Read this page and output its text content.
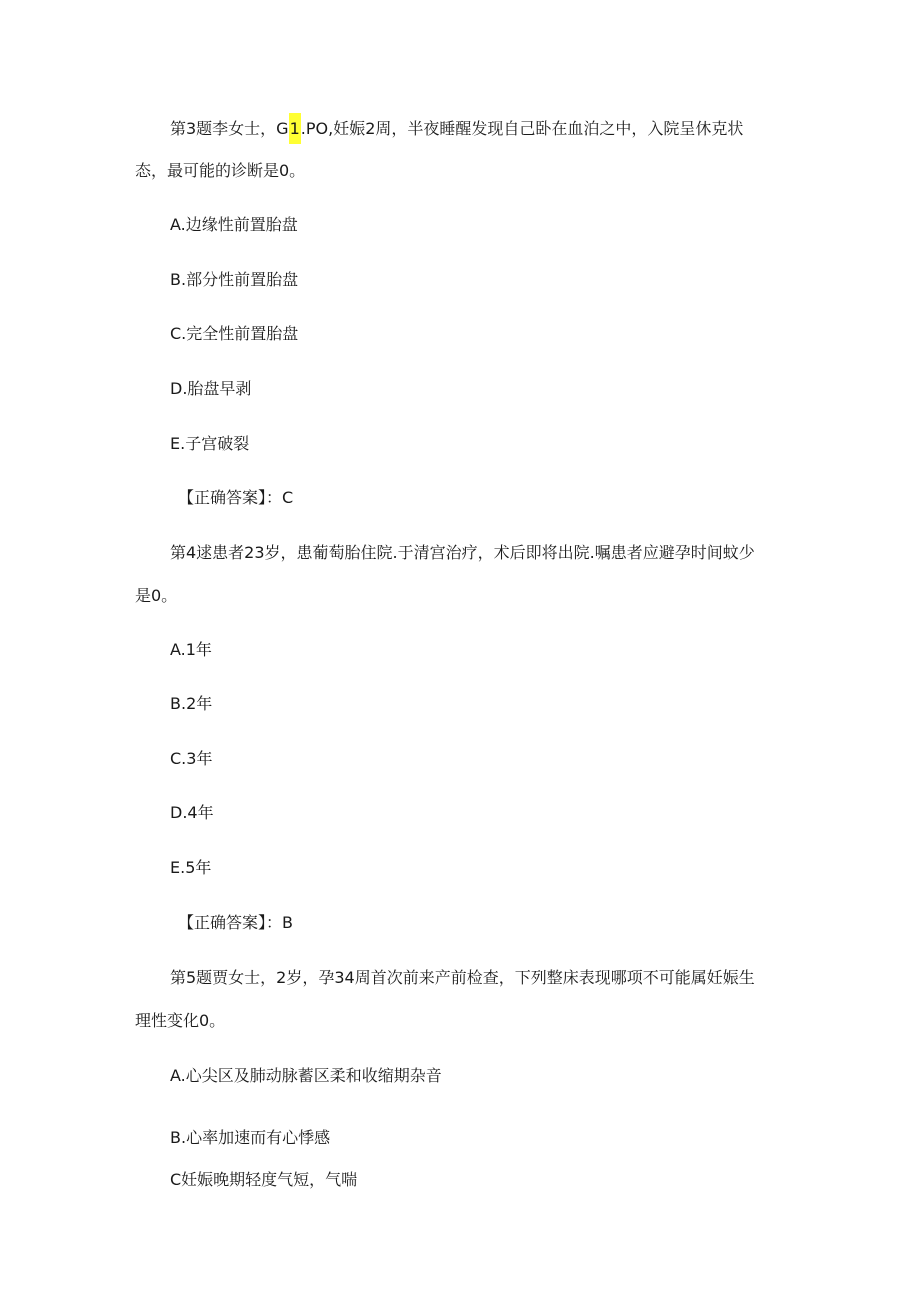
第3题李女士，G1.PO,妊娠2周，半夜睡醒发现自己卧在血泊之中，入院呈休克状
态，最可能的诊断是0。
A.边缘性前置胎盘
B.部分性前置胎盘
C.完全性前置胎盘
D.胎盘早剥
E.子宫破裂
【正确答案】：C
第4逑患者23岁，患葡萄胎住院.于清宫治疗，术后即将出院.嘱患者应避孕时间蚊少
是0。
A.1年
B.2年
C.3年
D.4年
E.5年
【正确答案】：B
第5题贾女士，2岁，孕34周首次前来产前检查，下列整床表现哪项不可能属妊娠生
理性变化0。
A.心尖区及肺动脉蓄区柔和收缩期杂音
B.心率加速而有心悸感
C妊娠晚期轻度气短，气喘
